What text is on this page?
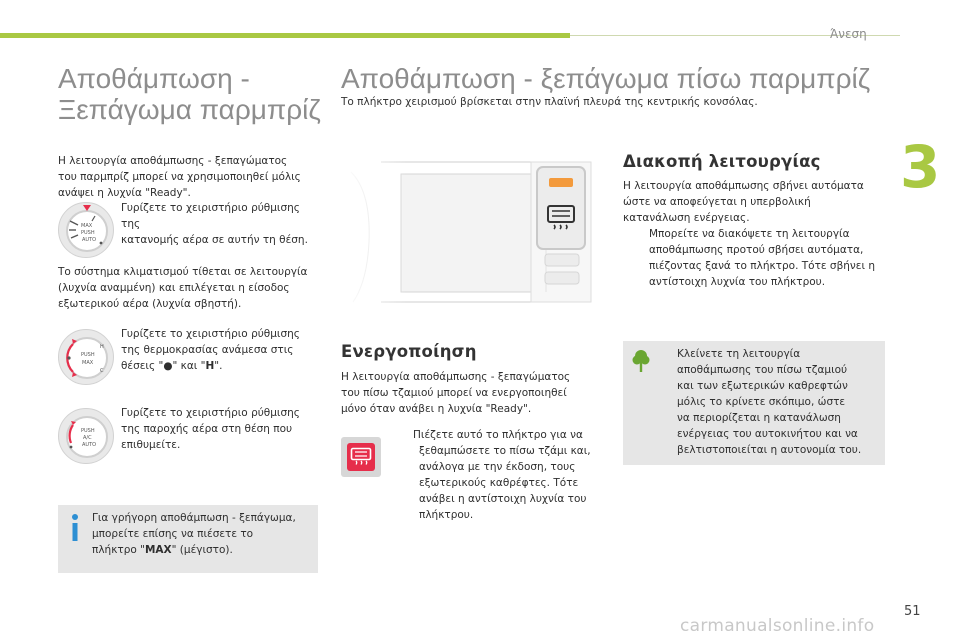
Άνεση
3
Αποθάμπωση -
Ξεπάγωμα παρμπρίζ
Η λειτουργία αποθάμπωσης - ξεπαγώματος
του παρμπρίζ μπορεί να χρησιμοποιηθεί μόλις
ανάψει η λυχνία "Ready".
MAX
PUSH
AUTO
Γυρίζετε το χειριστήριο ρύθμισης της
κατανομής αέρα σε αυτήν τη θέση.
Το σύστημα κλιματισμού τίθεται σε λειτουργία
(λυχνία αναμμένη) και επιλέγεται η είσοδος
εξωτερικού αέρα (λυχνία σβηστή).
H
PUSH
MAX
C
Γυρίζετε το χειριστήριο ρύθμισης
της θερμοκρασίας ανάμεσα στις
θέσεις "●" και "H".
PUSH
A/C
AUTO
Γυρίζετε το χειριστήριο ρύθμισης
της παροχής αέρα στη θέση που
επιθυμείτε.
Για γρήγορη αποθάμπωση - ξεπάγωμα,
μπορείτε επίσης να πιέσετε το
πλήκτρο "MAX" (μέγιστο).
Αποθάμπωση - ξεπάγωμα πίσω παρμπρίζ
Το πλήκτρο χειρισμού βρίσκεται στην πλαϊνή πλευρά της κεντρικής κονσόλας.
Ενεργοποίηση
Η λειτουργία αποθάμπωσης - ξεπαγώματος
του πίσω τζαμιού μπορεί να ενεργοποιηθεί
μόνο όταν ανάβει η λυχνία "Ready".
Πιέζετε αυτό το πλήκτρο για να
ξεθαμπώσετε το πίσω τζάμι και,
ανάλογα με την έκδοση, τους
εξωτερικούς καθρέφτες. Τότε
ανάβει η αντίστοιχη λυχνία του
πλήκτρου.
Διακοπή λειτουργίας
Η λειτουργία αποθάμπωσης σβήνει αυτόματα
ώστε να αποφεύγεται η υπερβολική
κατανάλωση ενέργειας.
Μπορείτε να διακόψετε τη λειτουργία
αποθάμπωσης προτού σβήσει αυτόματα,
πιέζοντας ξανά το πλήκτρο. Τότε σβήνει η
αντίστοιχη λυχνία του πλήκτρου.
Κλείνετε τη λειτουργία
αποθάμπωσης του πίσω τζαμιού
και των εξωτερικών καθρεφτών
μόλις το κρίνετε σκόπιμο, ώστε
να περιορίζεται η κατανάλωση
ενέργειας του αυτοκινήτου και να
βελτιστοποιείται η αυτονομία του.
carmanualsonline.info
51
